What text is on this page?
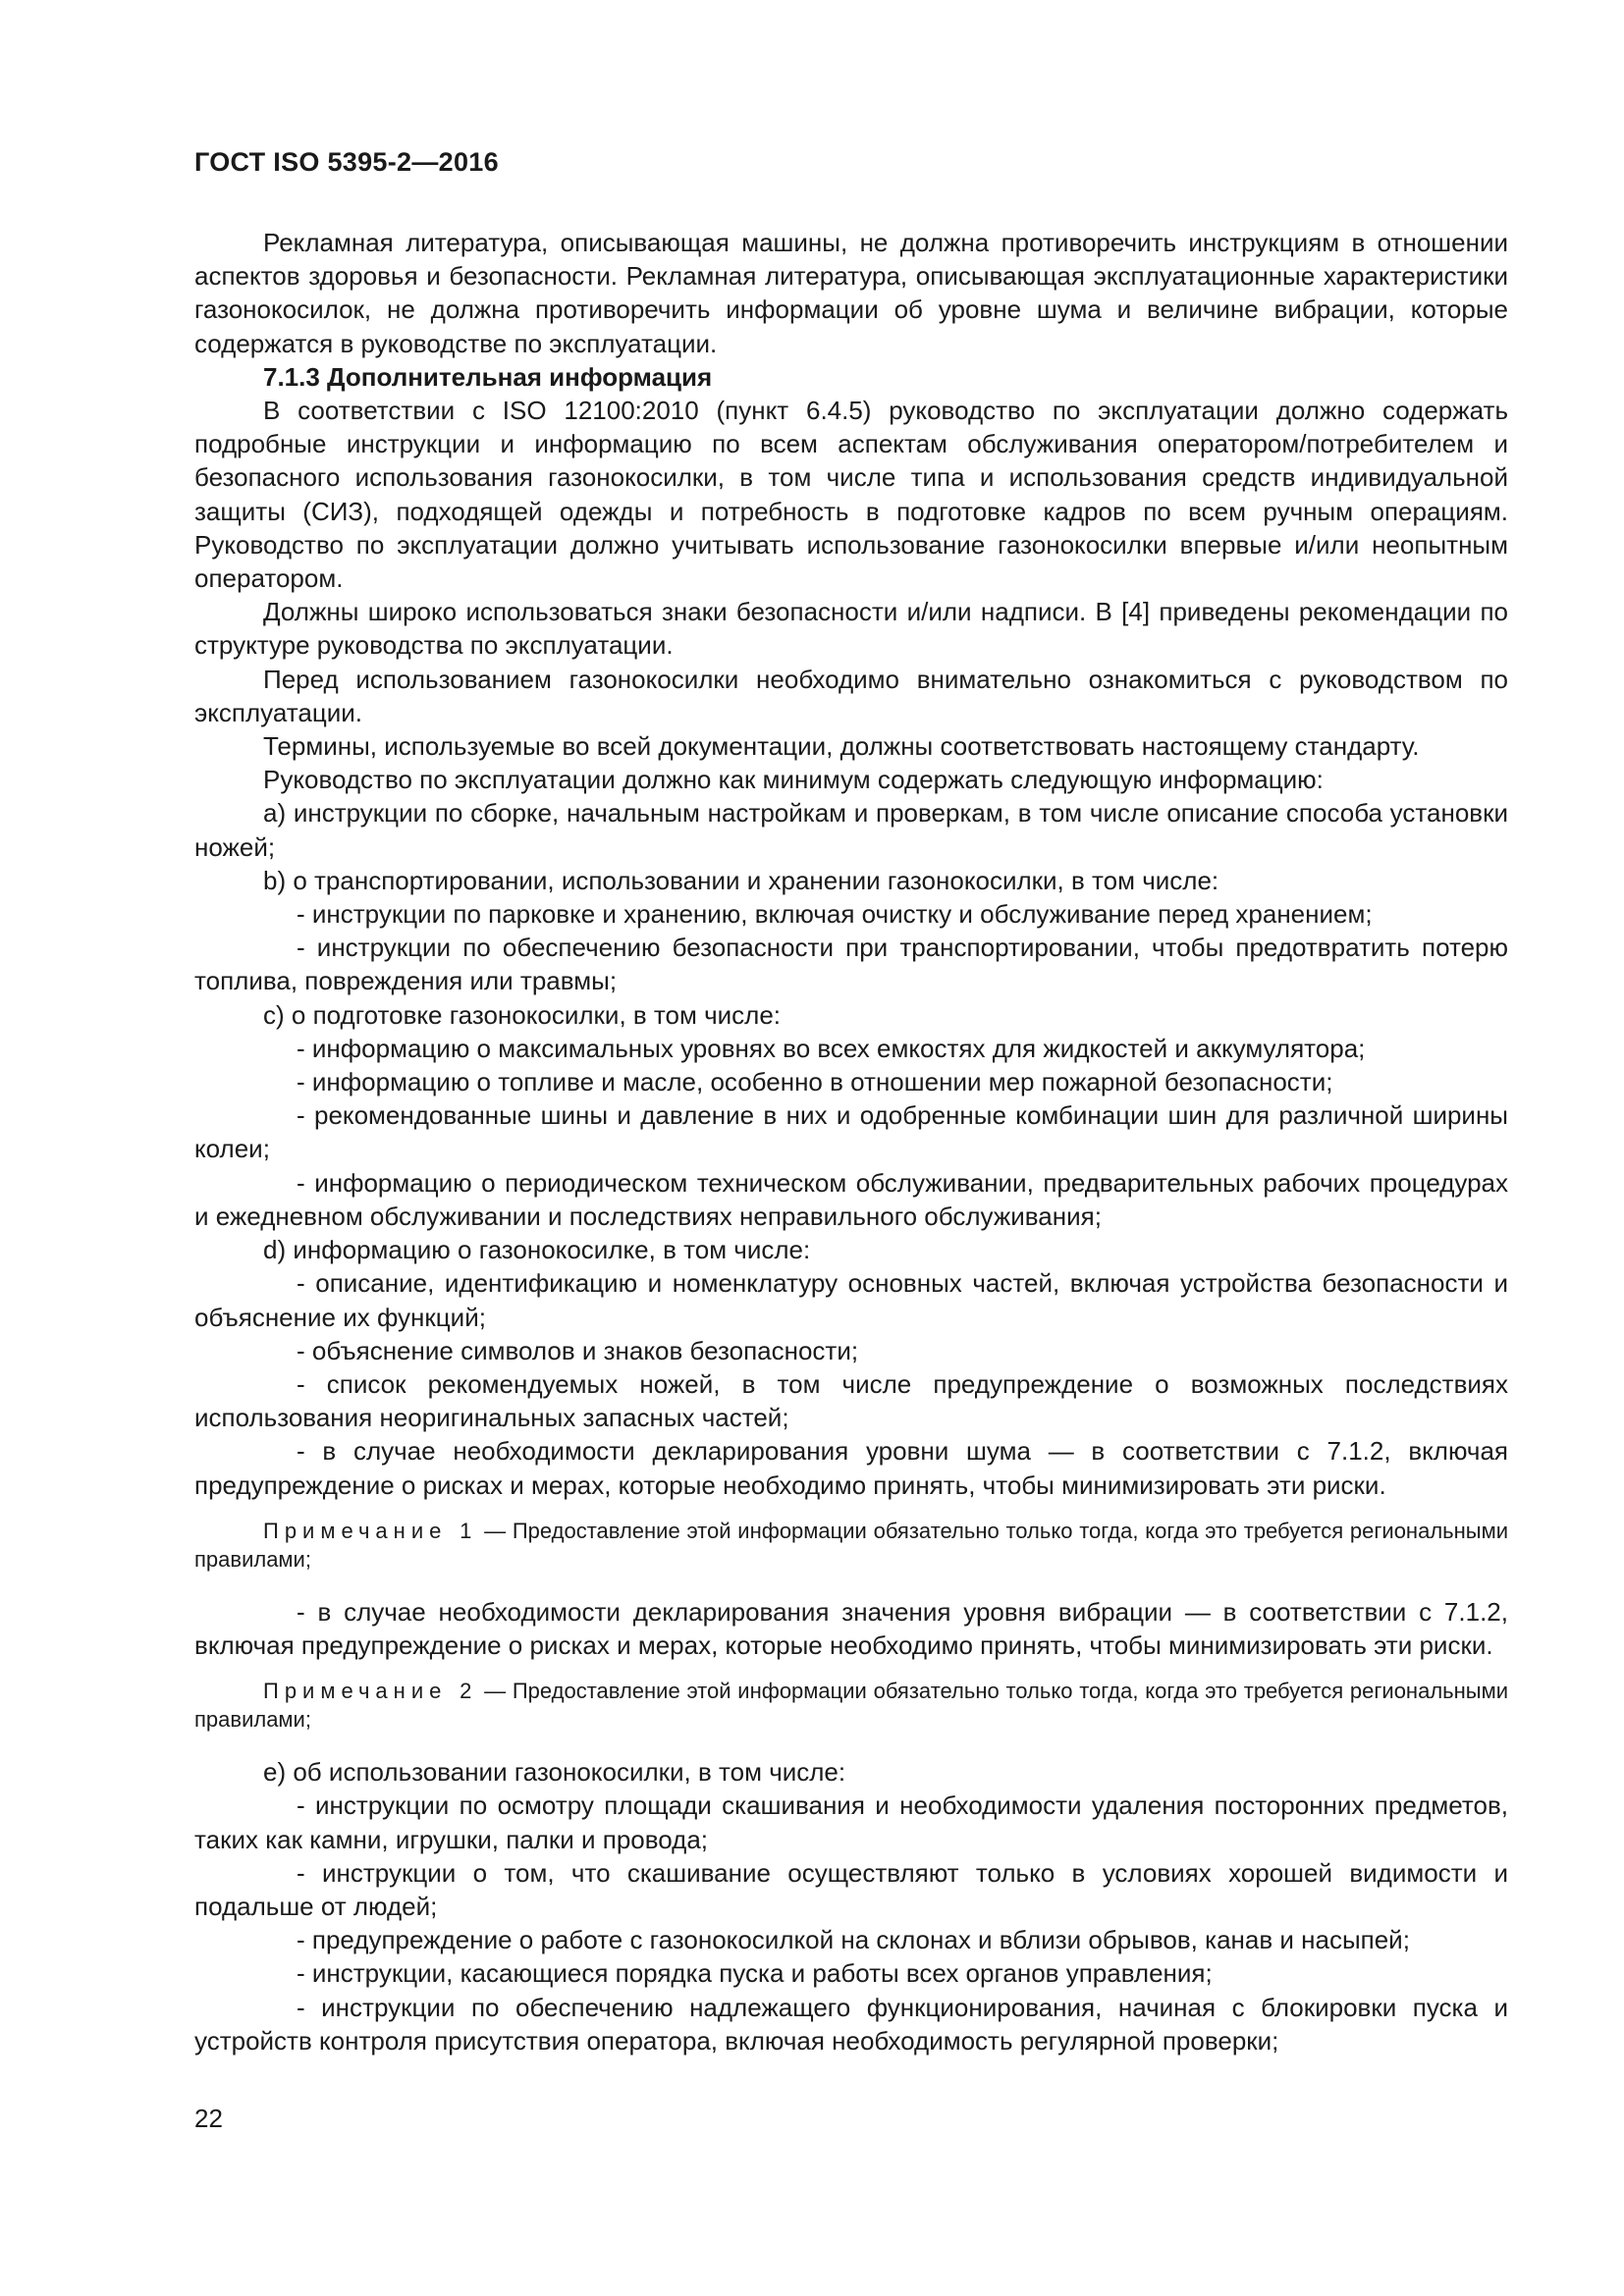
ГОСТ ISO 5395-2—2016

Рекламная литература, описывающая машины, не должна противоречить инструкциям в отношении аспектов здоровья и безопасности. Рекламная литература, описывающая эксплуатационные характеристики газонокосилок, не должна противоречить информации об уровне шума и величине вибрации, которые содержатся в руководстве по эксплуатации.

7.1.3 Дополнительная информация

В соответствии с ISO 12100:2010 (пункт 6.4.5) руководство по эксплуатации должно содержать подробные инструкции и информацию по всем аспектам обслуживания оператором/потребителем и безопасного использования газонокосилки, в том числе типа и использования средств индивидуальной защиты (СИЗ), подходящей одежды и потребность в подготовке кадров по всем ручным операциям. Руководство по эксплуатации должно учитывать использование газонокосилки впервые и/или неопытным оператором.

Должны широко использоваться знаки безопасности и/или надписи. В [4] приведены рекомендации по структуре руководства по эксплуатации.

Перед использованием газонокосилки необходимо внимательно ознакомиться с руководством по эксплуатации.

Термины, используемые во всей документации, должны соответствовать настоящему стандарту.

Руководство по эксплуатации должно как минимум содержать следующую информацию:

a) инструкции по сборке, начальным настройкам и проверкам, в том числе описание способа установки ножей;

b) о транспортировании, использовании и хранении газонокосилки, в том числе:

- инструкции по парковке и хранению, включая очистку и обслуживание перед хранением;

- инструкции по обеспечению безопасности при транспортировании, чтобы предотвратить потерю топлива, повреждения или травмы;

c) о подготовке газонокосилки, в том числе:

- информацию о максимальных уровнях во всех емкостях для жидкостей и аккумулятора;

- информацию о топливе и масле, особенно в отношении мер пожарной безопасности;

- рекомендованные шины и давление в них и одобренные комбинации шин для различной ширины колеи;

- информацию о периодическом техническом обслуживании, предварительных рабочих процедурах и ежедневном обслуживании и последствиях неправильного обслуживания;

d) информацию о газонокосилке, в том числе:

- описание, идентификацию и номенклатуру основных частей, включая устройства безопасности и объяснение их функций;

- объяснение символов и знаков безопасности;

- список рекомендуемых ножей, в том числе предупреждение о возможных последствиях использования неоригинальных запасных частей;

- в случае необходимости декларирования уровни шума — в соответствии с 7.1.2, включая предупреждение о рисках и мерах, которые необходимо принять, чтобы минимизировать эти риски.

Примечание 1 — Предоставление этой информации обязательно только тогда, когда это требуется региональными правилами;

- в случае необходимости декларирования значения уровня вибрации — в соответствии с 7.1.2, включая предупреждение о рисках и мерах, которые необходимо принять, чтобы минимизировать эти риски.

Примечание 2 — Предоставление этой информации обязательно только тогда, когда это требуется региональными правилами;

e) об использовании газонокосилки, в том числе:

- инструкции по осмотру площади скашивания и необходимости удаления посторонних предметов, таких как камни, игрушки, палки и провода;

- инструкции о том, что скашивание осуществляют только в условиях хорошей видимости и подальше от людей;

- предупреждение о работе с газонокосилкой на склонах и вблизи обрывов, канав и насыпей;

- инструкции, касающиеся порядка пуска и работы всех органов управления;

- инструкции по обеспечению надлежащего функционирования, начиная с блокировки пуска и устройств контроля присутствия оператора, включая необходимость регулярной проверки;

22
